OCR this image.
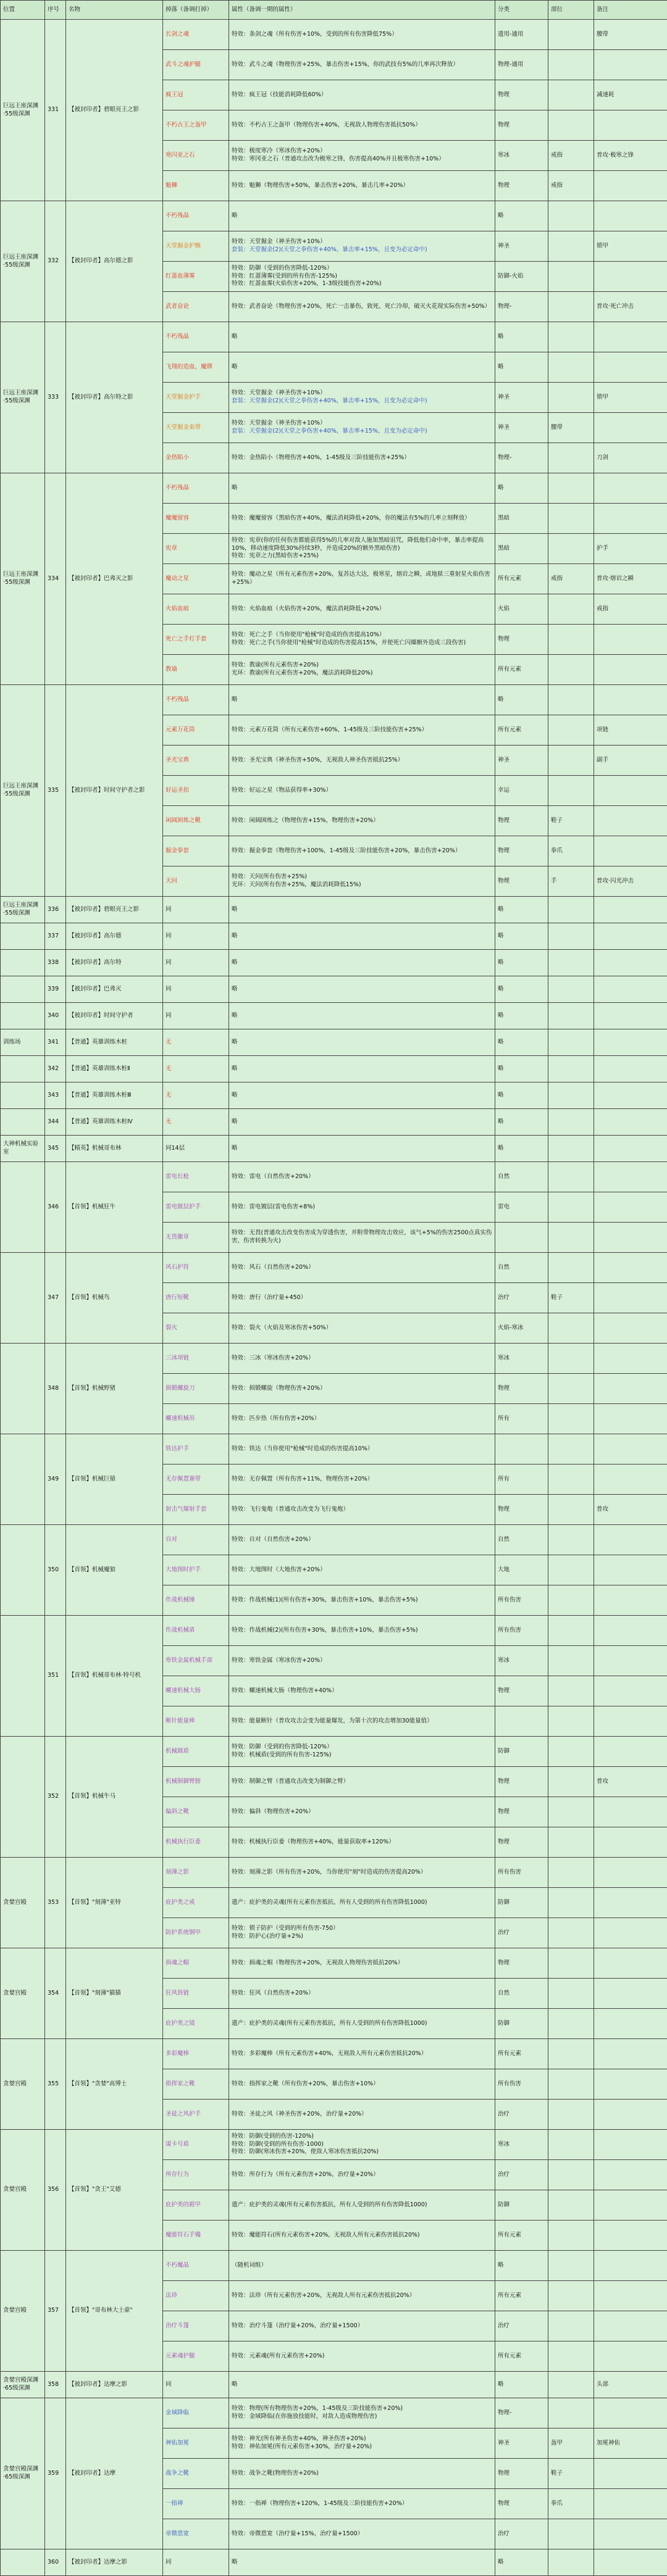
位置	序号	名物	掉落（备调打掉）	属性（备调一期的属性）	分类	部位	备注
巨远王座深渊·55级深渊	331	【被封印者】碧眼亮王之影	长剑之魂	特效：条剑之魂（所有伤害+10%，受到的所有伤害降低75%）	遗用-通用		腰带
			武斗之魂护腿	特效：武斗之魂（物理伤害+25%，暴击伤害+15%，你的武技有5%的几率再次释放）	物理-通用		
			疯王冠	特效：疯王冠（技能消耗降低60%）	物理		减速耗
			不朽古王之盔甲	特效：不朽古王之盔甲（物理伤害+40%，无视敌人物理伤害抵抗50%）	物理		
			寒闪亚之石	特效：极度寒冷（寒冰伤害+20%）
特效：寒冈亚之石（普通攻击改为极寒之锋，伤害提高40%并且极寒伤害+10%）	寒冰	戒指	普攻·极寒之锋
			魁狮	特效：魁狮（物理伤害+50%，暴击伤害+20%，暴击几率+20%）	物理	戒指	
巨远王座深渊·55级深渊	332	【被封印者】高尔德之影	不朽残晶	略	略		
			天堂掘金护腕	特效：天堂掘金（神圣伤害+10%）
套装：天堂掘金(2)(天堂之拳伤害+40%，暴击率+15%，且变为必定命中)	神圣		锁甲
			红蔷血薄雾	特效：防御（受到的伤害降低-120%）
特效：红蔷薄雾(受到的所有伤害-125%)
特效：红蔷血雾(火焰伤害+20%，1-3级技能伤害+20%)	防御-火焰		
			武者奋论	特效：武者奋论（物理伤害+20%，死亡一击暴伤，致死、死亡冷却，破灭火花现实际伤害+50%）	物理-		普攻·死亡冲击
巨远王座深渊·55级深渊	333	【被封印者】高尔特之影	不朽残晶	略	略		
			飞翔的造血，魔牌	略	略		
			天堂掘金护手	特效：天堂掘金（神圣伤害+10%）
套装：天堂掘金(2)(天堂之拳伤害+40%，暴击率+15%，且变为必定命中)	神圣		锁甲
			天堂掘金束带	特效：天堂掘金（神圣伤害+10%）
套装：天堂掘金(2)(天堂之拳伤害+40%，暴击率+15%，且变为必定命中)	神圣	腰带	
			金热陷小	特效：金热陷小（物理伤害+40%，1-45级及三阶技能伤害+25%）	物理-		刀剑
巨远王座深渊·55级深渊	334	【被封印者】巴弗灭之影	不朽残晶	略	略		
			魔魔留容	特效：魔魔留容（黑暗伤害+40%，魔法消耗降低+20%，你的魔法有5%的几率立刻释放）	黑暗		
			宪章	特效：宪章(你的任何伤害都能获得5%的几率对敌人施加黑暗诅咒，降低他们命中率，暴击率提高10%，移动速度降低30%持续3秒，并造成20%的额外黑暗伤害)
特效：宪章之力(黑暗伤害+25%)	黑暗		护手
			魔动之星	特效：魔动之星（所有元素伤害+20%，复苏达大达，极寒星，熔岩之瞬，或地狱三重射星火焰伤害+25%）	所有元素	戒指	普攻·熔岩之瞬
			火焰血痕	特效：火焰血痕（火焰伤害+20%，魔法消耗降低+20%）	火焰		戒指
			死亡之手灯手套	特效：死亡之手（当你使用"枪械"时造成的伤害提高10%）
特效：死亡之手(当你使用"枪械"时造成的伤害提高15%，并使死亡闪爆额外造成三段伤害)	物理		
			教谕	特效：教谕(所有元素伤害+20%)
光环：教谕(所有元素伤害+20%，魔法消耗降低20%)	所有元素		
巨远王座深渊·55级深渊	335	【被封印者】时间守护者之影	不朽残晶	略	略		
			元素万花筒	特效：元素万花筒（所有元素伤害+60%，1-45级及三阶技能伤害+25%）	所有元素		项链
			圣光宝典	特效：圣光宝典（神圣伤害+50%，无视敌人神圣伤害抵抗25%）	神圣		副手
			好运圣扣	特效：好运之星（物品获得率+30%）	幸运		
			闲阔困炼之靴	特效：闲阔困炼之（物理伤害+15%，物理伤害+20%）	物理	鞋子	
			掘金拳套	特效：掘金拳套（物理伤害+100%，1-45级及三阶技能伤害+20%，暴击伤害+20%）	物理	拳爪	
			天问	特效：天问(所有伤害+25%)
光环：天问(所有伤害+25%，魔法消耗降低15%)	物理	手	普攻·闪光冲击
巨远王座深渊·55级深渊	336	【被封印者】碧眼亮王之影	同	略	略		
	337	【被封印者】高尔德	同	略	略		
	338	【被封印者】高尔特	同	略	略		
	339	【被封印者】巴弗灭	同	略	略		
	340	【被封印者】时间守护者	同	略	略		
训练场	341	【普通】英雄训练木桩	无	略	略		
	342	【普通】英雄训练木桩Ⅱ	无	略	略		
	343	【普通】英雄训练木桩Ⅲ	无	略	略		
	344	【普通】英雄训练木桩Ⅳ	无	略	略		
大神机械实验室	345	【精英】机械哥布林	同14层	略	略		
	346	【首领】机械狂牛	雷电长枪	特效：雷电（自然伤害+20%）	自然		
			雷电镀层护手	特效：雷电镀层(雷电伤害+8%)	雷电		
			无畏徽章	特效：无畏(普通攻击改变伤害成为穿透伤害，并附带物理攻击效应，该气+5%的伤害2500点真实伤害，伤害转换为火)			

	347	【首领】机械鸟	风石护符	特效：风石（自然伤害+20%）	自然		
			唐行短靴	特效：唐行（治疗量+450）	治疗	鞋子	
			裂火	特效：裂火（火焰及寒冰伤害+50%）	火焰-寒冰		
	348	【首领】机械野猪	三冰项链	特效：三冰（寒冰伤害+20%）	寒冰		
			损锻螺旋刀	特效：损锻螺旋（物理伤害+20%）	物理		
			螺速机械吊	特效：匹步热（所有伤害+20%）	所有		
	349	【首领】机械巨猿	铁达护手	特效：铁达（当你使用"枪械"时造成的伤害提高10%）			

			无存佩置赛带	特效：无存佩置（所有伤害+11%，物理伤害+20%）	所有		
			射击气爆射手套	特效：飞行鬼炮（普通攻击改变为飞行鬼炮）	物理		普攻
	350	【首领】机械魔狼	自对	特效：自对（自然伤害+20%）	自然		
			大地图时护手	特效：大地图时（大地伤害+20%）	大地		
			作战机械锤	特效：作战机械(1)(所有伤害+30%，暴击伤害+10%，暴击伤害+5%)	所有伤害		
	351	【首领】机械哥布林·特号机	作战机械盾	特效：作战机械(2)(所有伤害+30%，暴击伤害+10%，暴击伤害+5%)	所有伤害		
			寒铁金属机械手部	特效：寒铁金属（寒冰伤害+20%）	寒冰		
			螺速机械大肠	特效：螺速机械大肠（物理伤害+40%）	物理		
			断针能量棒	特效：能量断针（普攻攻击会变为能量爆发，为第十次的攻击增加30能量值）			

	352	【首领】机械牛马	机械圆盾	特效：防御（受到的伤害降低-120%）
特效：机械盾(受到的所有伤害-125%)	防御		
			机械制御臂膀	特效：制御之臂（普通攻击改变为制御之臂）	物理		普攻
			偏斜之靴	特效：偏斜（物理伤害+20%）	物理		
			机械执行臣委	特效：机械执行臣委（物理伤害+40%，能量获取率+120%）	物理		
贪婪宫殿	353	【首领】"刻薄"亚特	刻薄之影	特效：刻薄之影（所有伤害+20%，当你使用"刻"时造成的伤害提高20%）	所有伤害		
			庇护类之戒	遗产：庇护类的灵魂(所有元素伤害抵抗，所有人受到的所有伤害降低1000)	防御		
			防护系统钢甲	特效：锁子防护（受到的所有伤害-750）
特效：防护心(治疗量+2%)	治疗		
贪婪宫殿	354	【首领】"刻薄"猫猫	损魂之帽	特效：损魂之帽（物理伤害+20%，无视敌人物理伤害抵抗20%）	物理		
			狂风铁链	特效：狂风（自然伤害+20%）	自然		
			庇护类之镜	遗产：庇护类的灵魂(所有元素伤害抵抗，所有人受到的所有伤害降低1000)	防御		
贪婪宫殿	355	【首领】"贪婪"高博士	多彩魔棒	特效：多彩魔棒（所有元素伤害+40%，无视敌人所有元素伤害抵抗20%）	所有元素		
			指挥家之靴	特效：指挥家之靴（所有伤害+20%，暴击伤害+10%）	所有伤害		
			圣徒之风护手	特效：圣徒之风（神圣伤害+20%，治疗量+20%）	治疗		
贪婪宫殿	356	【首领】"贪王"艾德	谋卡号盾	特效：防御(受到的伤害-120%)
特效：防御(受到的所有伤害-1000)
特效：防御(寒冰伤害+20%，使敌人寒冰伤害抵抗20%)	寒冰		
			所存行为	特效：所存行为（所有元素伤害+20%，治疗量+20%）	治疗		
			庇护类的鎧甲	遗产：庇护类的灵魂(所有元素伤害抵抗，所有人受到的所有伤害降低1000)	防御		
			魔能符石手镯	特效：魔能符石(所有元素伤害+20%，无视敌人所有元素伤害抵抗20%)	所有元素		
贪婪宫殿	357	【首领】"哥布林大土豪"	不朽魔晶	（随机词组）	略		
			法珍	特效：法珍（所有元素伤害+20%，无视敌人所有元素伤害抵抗20%）	所有元素		
			治疗斗篷	特效：治疗斗篷（治疗量+20%，治疗量+1500）	治疗		
			元素魂护腿	特效：元素魂(所有元素伤害+20%)	所有元素		
贪婪宫殿深渊·65级深渊	358	【被封印者】达摩之影	同	略	略		头部
贪婪宫殿深渊·65级深渊	359	【被封印者】达摩	金域降临	特效：物理(所有物理伤害+20%，1-45级及三阶技能伤害+20%)
特效：金域降临(在你施放技能时，对敌人造成物理伤害)	物理-		
			神佑加冕	特效：神光(所有神圣伤害+40%，神圣伤害+20%)
特效：神佑加冕(所有元素伤害+30%，治疗量+20%)	神圣	盔甲	加冕神佑
			战争之靴	特效：战争之靴(物理伤害+20%)	物理	鞋子	
			一指禅	特效：一指禅（物理伤害+120%，1-45级及三阶技能伤害+20%）	物理	拳爪	
			帝微恩宽	特效：帝微恩宽（治疗量+15%，治疗量+1500）	治疗		
	360	【被封印者】达摩之影	同	略	略		
